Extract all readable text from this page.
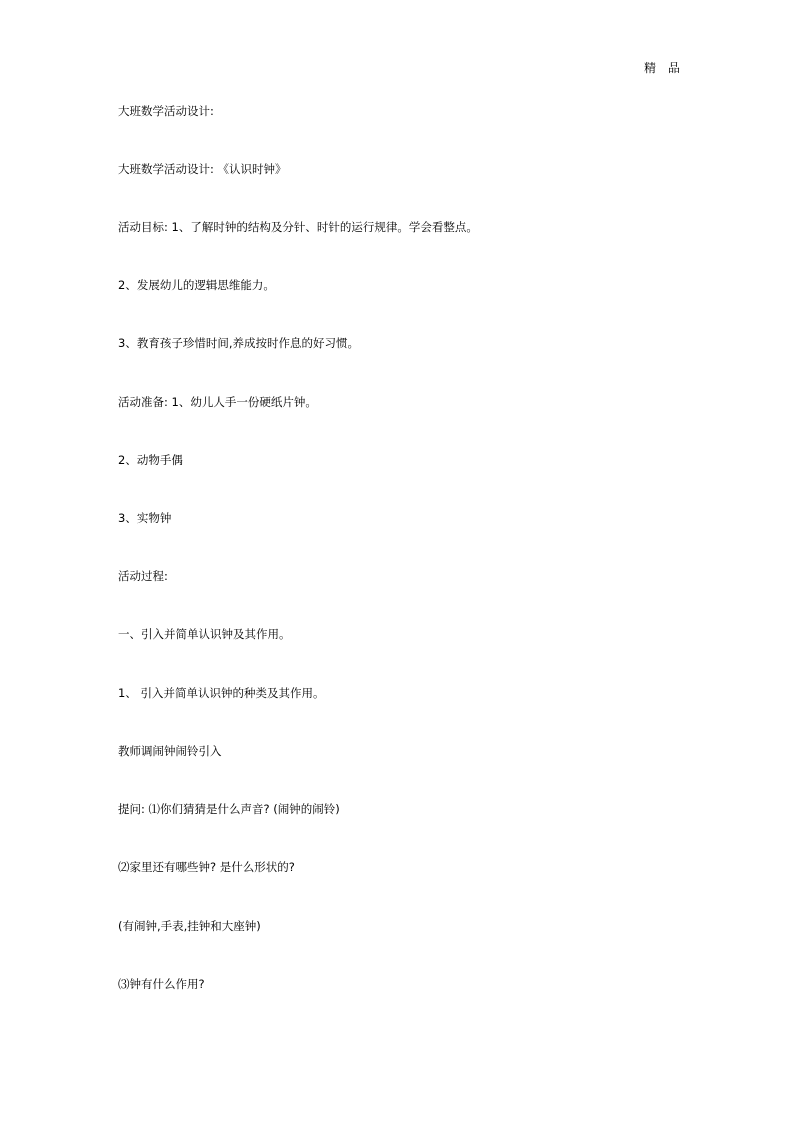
精 品
大班数学活动设计:
大班数学活动设计: 《认识时钟》
活动目标: 1、了解时钟的结构及分针、时针的运行规律。学会看整点。
2、发展幼儿的逻辑思维能力。
3、教育孩子珍惜时间,养成按时作息的好习惯。
活动准备: 1、幼儿人手一份硬纸片钟。
2、动物手偶
3、实物钟
活动过程:
一、引入并简单认识钟及其作用。
1、 引入并简单认识钟的种类及其作用。
教师调闹钟闹铃引入
提问: ⑴你们猜猜是什么声音? (闹钟的闹铃)
⑵家里还有哪些钟? 是什么形状的?
(有闹钟,手表,挂钟和大座钟)
⑶钟有什么作用?
